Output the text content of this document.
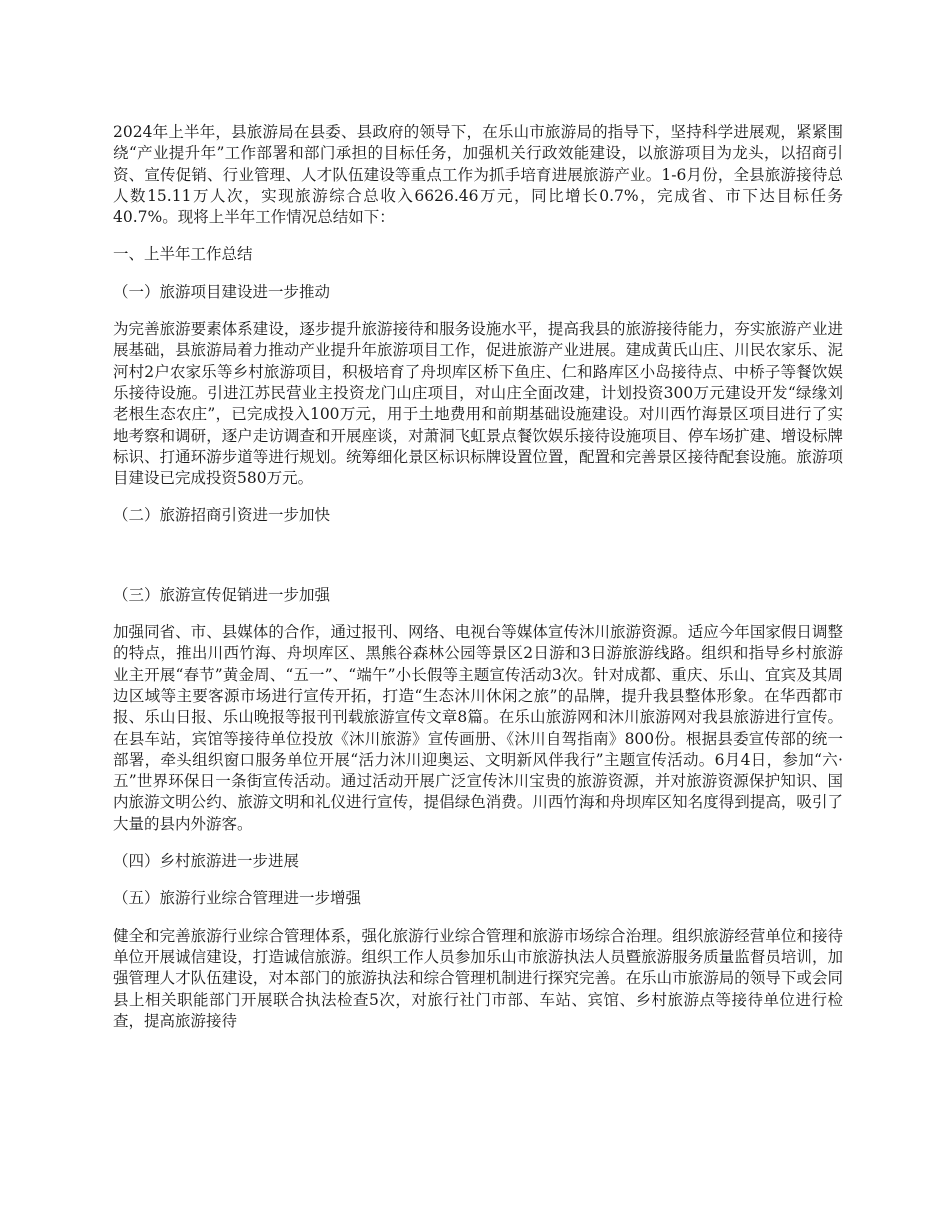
2024年上半年，县旅游局在县委、县政府的领导下，在乐山市旅游局的指导下，坚持科学进展观，紧紧围绕“产业提升年”工作部署和部门承担的目标任务，加强机关行政效能建设，以旅游项目为龙头，以招商引资、宣传促销、行业管理、人才队伍建设等重点工作为抓手培育进展旅游产业。1-6月份，全县旅游接待总人数15.11万人次，实现旅游综合总收入6626.46万元，同比增长0.7%，完成省、市下达目标任务40.7%。现将上半年工作情况总结如下：

一、上半年工作总结

（一）旅游项目建设进一步推动

为完善旅游要素体系建设，逐步提升旅游接待和服务设施水平，提高我县的旅游接待能力，夯实旅游产业进展基础，县旅游局着力推动产业提升年旅游项目工作，促进旅游产业进展。建成黄氏山庄、川民农家乐、泥河村2户农家乐等乡村旅游项目，积极培育了舟坝库区桥下鱼庄、仁和路库区小岛接待点、中桥子等餐饮娱乐接待设施。引进江苏民营业主投资龙门山庄项目，对山庄全面改建，计划投资300万元建设开发“绿缘刘老根生态农庄”，已完成投入100万元，用于土地费用和前期基础设施建设。对川西竹海景区项目进行了实地考察和调研，逐户走访调查和开展座谈，对萧洞飞虹景点餐饮娱乐接待设施项目、停车场扩建、增设标牌标识、打通环游步道等进行规划。统筹细化景区标识标牌设置位置，配置和完善景区接待配套设施。旅游项目建设已完成投资580万元。

（二）旅游招商引资进一步加快

（三）旅游宣传促销进一步加强

加强同省、市、县媒体的合作，通过报刊、网络、电视台等媒体宣传沐川旅游资源。适应今年国家假日调整的特点，推出川西竹海、舟坝库区、黑熊谷森林公园等景区2日游和3日游旅游线路。组织和指导乡村旅游业主开展“春节”黄金周、“五一”、“端午”小长假等主题宣传活动3次。针对成都、重庆、乐山、宜宾及其周边区域等主要客源市场进行宣传开拓，打造“生态沐川休闲之旅”的品牌，提升我县整体形象。在华西都市报、乐山日报、乐山晚报等报刊刊载旅游宣传文章8篇。在乐山旅游网和沐川旅游网对我县旅游进行宣传。在县车站，宾馆等接待单位投放《沐川旅游》宣传画册、《沐川自驾指南》800份。根据县委宣传部的统一部署，牵头组织窗口服务单位开展“活力沐川迎奥运、文明新风伴我行”主题宣传活动。6月4日，参加“六·五”世界环保日一条街宣传活动。通过活动开展广泛宣传沐川宝贵的旅游资源，并对旅游资源保护知识、国内旅游文明公约、旅游文明和礼仪进行宣传，提倡绿色消费。川西竹海和舟坝库区知名度得到提高，吸引了大量的县内外游客。

（四）乡村旅游进一步进展

（五）旅游行业综合管理进一步增强

健全和完善旅游行业综合管理体系，强化旅游行业综合管理和旅游市场综合治理。组织旅游经营单位和接待单位开展诚信建设，打造诚信旅游。组织工作人员参加乐山市旅游执法人员暨旅游服务质量监督员培训，加强管理人才队伍建设，对本部门的旅游执法和综合管理机制进行探究完善。在乐山市旅游局的领导下或会同县上相关职能部门开展联合执法检查5次，对旅行社门市部、车站、宾馆、乡村旅游点等接待单位进行检查，提高旅游接待
